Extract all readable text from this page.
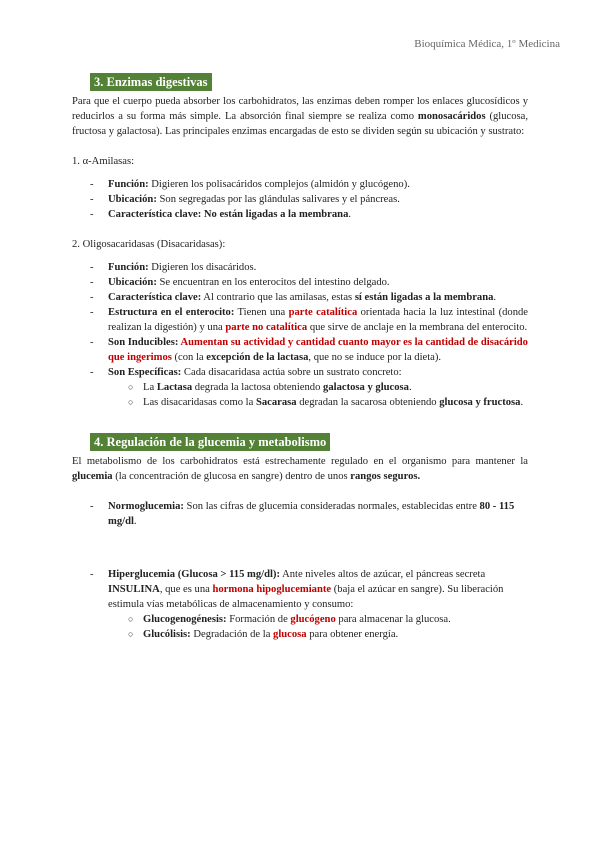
Bioquímica Médica, 1º Medicina
3. Enzimas digestivas

Para que el cuerpo pueda absorber los carbohidratos, las enzimas deben romper los enlaces glucosídicos y reducirlos a su forma más simple. La absorción final siempre se realiza como monosacáridos (glucosa, fructosa y galactosa). Las principales enzimas encargadas de esto se dividen según su ubicación y sustrato:

1. α-Amilasas:

- Función: Digieren los polisacáridos complejos (almidón y glucógeno).
- Ubicación: Son segregadas por las glándulas salivares y el páncreas.
- Característica clave: No están ligadas a la membrana.

2. Oligosacaridasas (Disacaridasas):

- Función: Digieren los disacáridos.
- Ubicación: Se encuentran en los enterocitos del intestino delgado.
- Característica clave: Al contrario que las amilasas, estas sí están ligadas a la membrana.
- Estructura en el enterocito: Tienen una parte catalítica orientada hacia la luz intestinal (donde realizan la digestión) y una parte no catalítica que sirve de anclaje en la membrana del enterocito.
- Son Inducibles: Aumentan su actividad y cantidad cuanto mayor es la cantidad de disacárido que ingerimos (con la excepción de la lactasa, que no se induce por la dieta).
- Son Específicas: Cada disacaridasa actúa sobre un sustrato concreto:
○ La Lactasa degrada la lactosa obteniendo galactosa y glucosa.
○ Las disacaridasas como la Sacarasa degradan la sacarosa obteniendo glucosa y fructosa.
4. Regulación de la glucemia y metabolismo

El metabolismo de los carbohidratos está estrechamente regulado en el organismo para mantener la glucemia (la concentración de glucosa en sangre) dentro de unos rangos seguros.

- Normoglucemia: Son las cifras de glucemia consideradas normales, establecidas entre 80 - 115 mg/dl.
- Hiperglucemia (Glucosa > 115 mg/dl): Ante niveles altos de azúcar, el páncreas secreta INSULINA, que es una hormona hipoglucemiante (baja el azúcar en sangre). Su liberación estimula vías metabólicas de almacenamiento y consumo:
○ Glucogenogénesis: Formación de glucógeno para almacenar la glucosa.
○ Glucólisis: Degradación de la glucosa para obtener energía.
